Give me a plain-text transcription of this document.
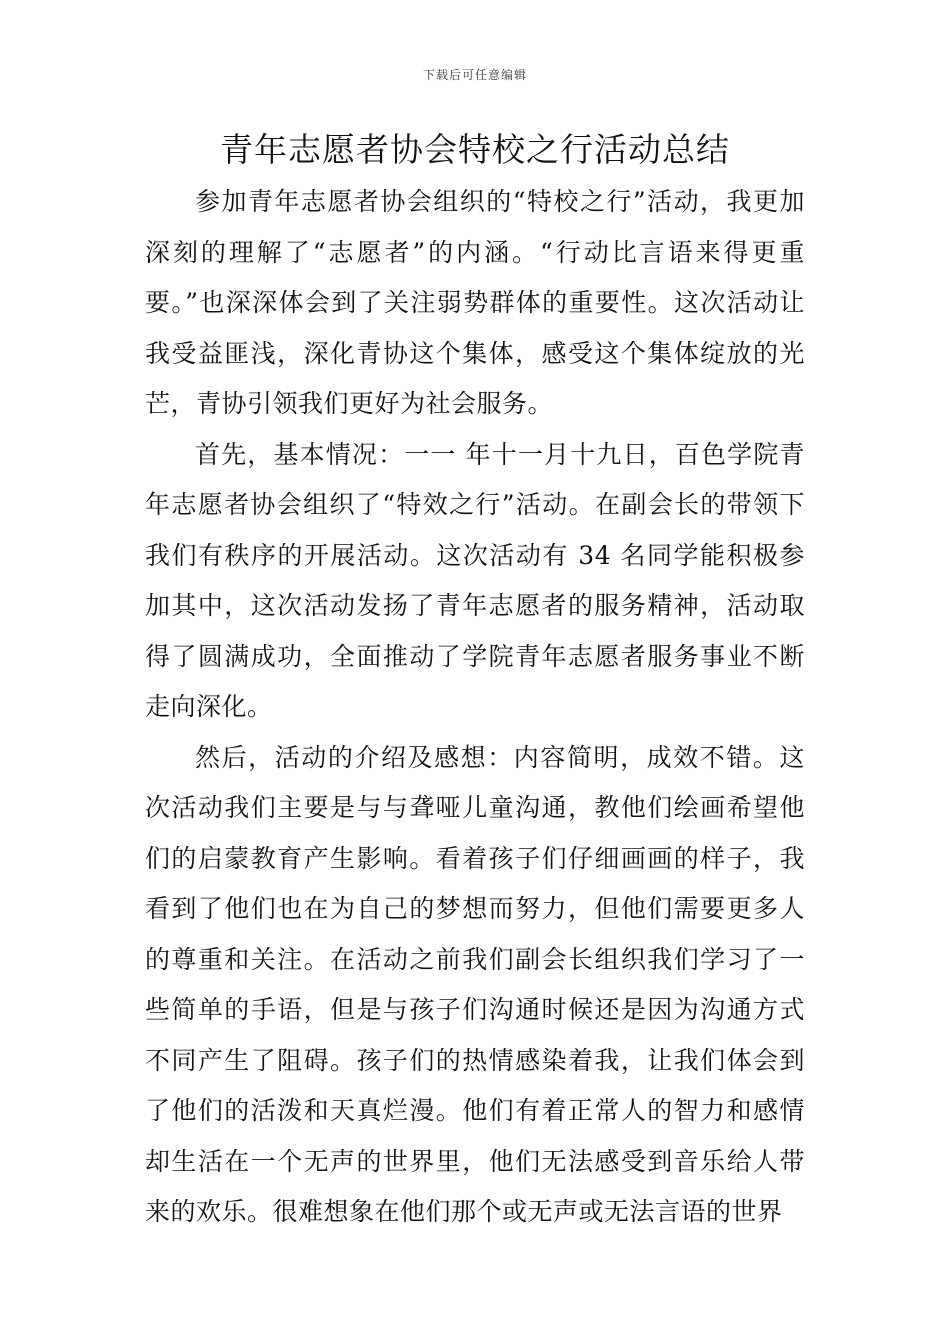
下载后可任意编辑
青年志愿者协会特校之行活动总结

参加青年志愿者协会组织的“特校之行”活动，我更加深刻的理解了“志愿者”的内涵。“行动比言语来得更重要。”也深深体会到了关注弱势群体的重要性。这次活动让我受益匪浅，深化青协这个集体，感受这个集体绽放的光芒，青协引领我们更好为社会服务。

首先，基本情况：一一 年十一月十九日，百色学院青年志愿者协会组织了“特效之行”活动。在副会长的带领下我们有秩序的开展活动。这次活动有 34 名同学能积极参加其中，这次活动发扬了青年志愿者的服务精神，活动取得了圆满成功，全面推动了学院青年志愿者服务事业不断走向深化。

然后，活动的介绍及感想：内容简明，成效不错。这次活动我们主要是与与聋哑儿童沟通，教他们绘画希望他们的启蒙教育产生影响。看着孩子们仔细画画的样子，我看到了他们也在为自己的梦想而努力，但他们需要更多人的尊重和关注。在活动之前我们副会长组织我们学习了一些简单的手语，但是与孩子们沟通时候还是因为沟通方式不同产生了阻碍。孩子们的热情感染着我，让我们体会到了他们的活泼和天真烂漫。他们有着正常人的智力和感情却生活在一个无声的世界里，他们无法感受到音乐给人带来的欢乐。很难想象在他们那个或无声或无法言语的世界
